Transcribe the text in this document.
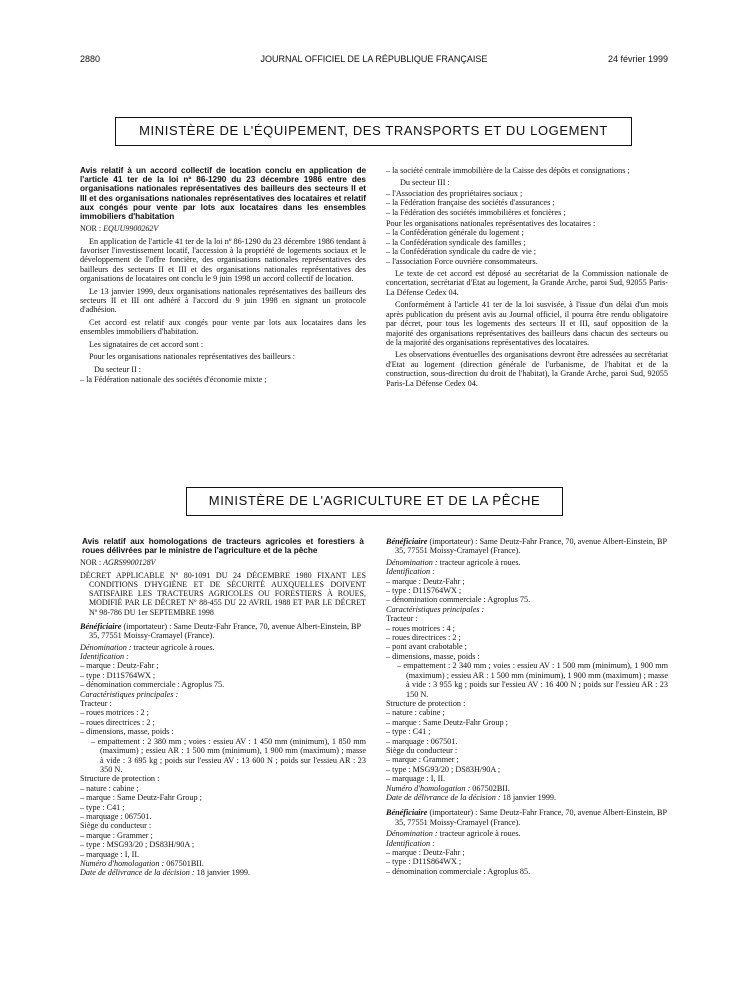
2880	JOURNAL OFFICIEL DE LA RÉPUBLIQUE FRANÇAISE	24 février 1999
MINISTÈRE DE L'ÉQUIPEMENT, DES TRANSPORTS ET DU LOGEMENT

Avis relatif à un accord collectif de location conclu en application de l'article 41 ter de la loi nº 86-1290 du 23 décembre 1986 entre des organisations nationales représentatives des bailleurs des secteurs II et III et des organisations nationales représentatives des locataires et relatif aux congés pour vente par lots aux locataires dans les ensembles immobiliers d'habitation

NOR : EQUU9900262V

En application de l'article 41 ter de la loi nº 86-1290 du 23 décembre 1986 tendant à favoriser l'investissement locatif, l'accession à la propriété de logements sociaux et le développement de l'offre foncière, des organisations nationales représentatives des bailleurs des secteurs II et III et des organisations nationales représentatives des organisations de locataires ont conclu le 9 juin 1998 un accord collectif de location.

Le 13 janvier 1999, deux organisations nationales représentatives des bailleurs des secteurs II et III ont adhéré à l'accord du 9 juin 1998 en signant un protocole d'adhésion.

Cet accord est relatif aux congés pour vente par lots aux locataires dans les ensembles immobiliers d'habitation.

Les signataires de cet accord sont :

Pour les organisations nationales représentatives des bailleurs :

Du secteur II :

– la Fédération nationale des sociétés d'économie mixte ;

– la société centrale immobilière de la Caisse des dépôts et consignations ;

Du secteur III :

– l'Association des propriétaires sociaux ;

– la Fédération française des sociétés d'assurances ;

– la Fédération des sociétés immobilières et foncières ;

Pour les organisations nationales représentatives des locataires :

– la Confédération générale du logement ;

– la Confédération syndicale des familles ;

– la Confédération syndicale du cadre de vie ;

– l'association Force ouvrière consommateurs.

Le texte de cet accord est déposé au secrétariat de la Commission nationale de concertation, secrétariat d'Etat au logement, la Grande Arche, paroi Sud, 92055 Paris-La Défense Cedex 04.

Conformément à l'article 41 ter de la loi susvisée, à l'issue d'un délai d'un mois après publication du présent avis au Journal officiel, il pourra être rendu obligatoire par décret, pour tous les logements des secteurs II et III, sauf opposition de la majorité des organisations représentatives des bailleurs dans chacun des secteurs ou de la majorité des organisations représentatives des locataires.

Les observations éventuelles des organisations devront être adressées au secrétariat d'Etat au logement (direction générale de l'urbanisme, de l'habitat et de la construction, sous-direction du droit de l'habitat), la Grande Arche, paroi Sud, 92055 Paris-La Défense Cedex 04.

MINISTÈRE DE L'AGRICULTURE ET DE LA PÊCHE

Avis relatif aux homologations de tracteurs agricoles et forestiers à roues délivrées par le ministre de l'agriculture et de la pêche

NOR : AGRS9900128V

DÉCRET APPLICABLE Nº 80-1091 DU 24 DÉCEMBRE 1980 FIXANT LES CONDITIONS D'HYGIÈNE ET DE SÉCURITÉ AUXQUELLES DOIVENT SATISFAIRE LES TRACTEURS AGRICOLES OU FORESTIERS À ROUES, MODIFIÉ PAR LE DÉCRET Nº 88-455 DU 22 AVRIL 1988 ET PAR LE DÉCRET Nº 98-786 DU 1er SEPTEMBRE 1998

Bénéficiaire (importateur) : Same Deutz-Fahr France, 70, avenue Albert-Einstein, BP 35, 77551 Moissy-Cramayel (France).

Dénomination : tracteur agricole à roues.

Identification :

– marque : Deutz-Fahr ;

– type : D11S764WX ;

– dénomination commerciale : Agroplus 75.

Caractéristiques principales :

Tracteur :

– roues motrices : 2 ;

– roues directrices : 2 ;

– dimensions, masse, poids :

– empattement : 2 380 mm ; voies : essieu AV : 1 450 mm (minimum), 1 850 mm (maximum) ; essieu AR : 1 500 mm (minimum), 1 900 mm (maximum) ; masse à vide : 3 695 kg ; poids sur l'essieu AV : 13 600 N ; poids sur l'essieu AR : 23 350 N.

Structure de protection :

– nature : cabine ;

– marque : Same Deutz-Fahr Group ;

– type : C41 ;

– marquage : 067501.

Siège du conducteur :

– marque : Grammer ;

– type : MSG93/20 ; DS83H/90A ;

– marquage : I, II.

Numéro d'homologation : 067501BII.

Date de délivrance de la décision : 18 janvier 1999.

Bénéficiaire (importateur) : Same Deutz-Fahr France, 70, avenue Albert-Einstein, BP 35, 77551 Moissy-Cramayel (France).

Dénomination : tracteur agricole à roues.

Identification :

– marque : Deutz-Fahr ;

– type : D11S764WX ;

– dénomination commerciale : Agroplus 75.

Caractéristiques principales :

Tracteur :

– roues motrices : 4 ;

– roues directrices : 2 ;

– pont avant crabotable ;

– dimensions, masse, poids :

– empattement : 2 340 mm ; voies : essieu AV : 1 500 mm (minimum), 1 900 mm (maximum) ; essieu AR : 1 500 mm (minimum), 1 900 mm (maximum) ; masse à vide : 3 955 kg ; poids sur l'essieu AV : 16 400 N ; poids sur l'essieu AR : 23 150 N.

Structure de protection :

– nature : cabine ;

– marque : Same Deutz-Fahr Group ;

– type : C41 ;

– marquage : 067501.

Siège du conducteur :

– marque : Grammer ;

– type : MSG93/20 ; DS83H/90A ;

– marquage : I, II.

Numéro d'homologation : 067502BII.

Date de délivrance de la décision : 18 janvier 1999.

Bénéficiaire (importateur) : Same Deutz-Fahr France, 70, avenue Albert-Einstein, BP 35, 77551 Moissy-Cramayel (France).

Dénomination : tracteur agricole à roues.

Identification :

– marque : Deutz-Fahr ;

– type : D11S864WX ;

– dénomination commerciale : Agroplus 85.
